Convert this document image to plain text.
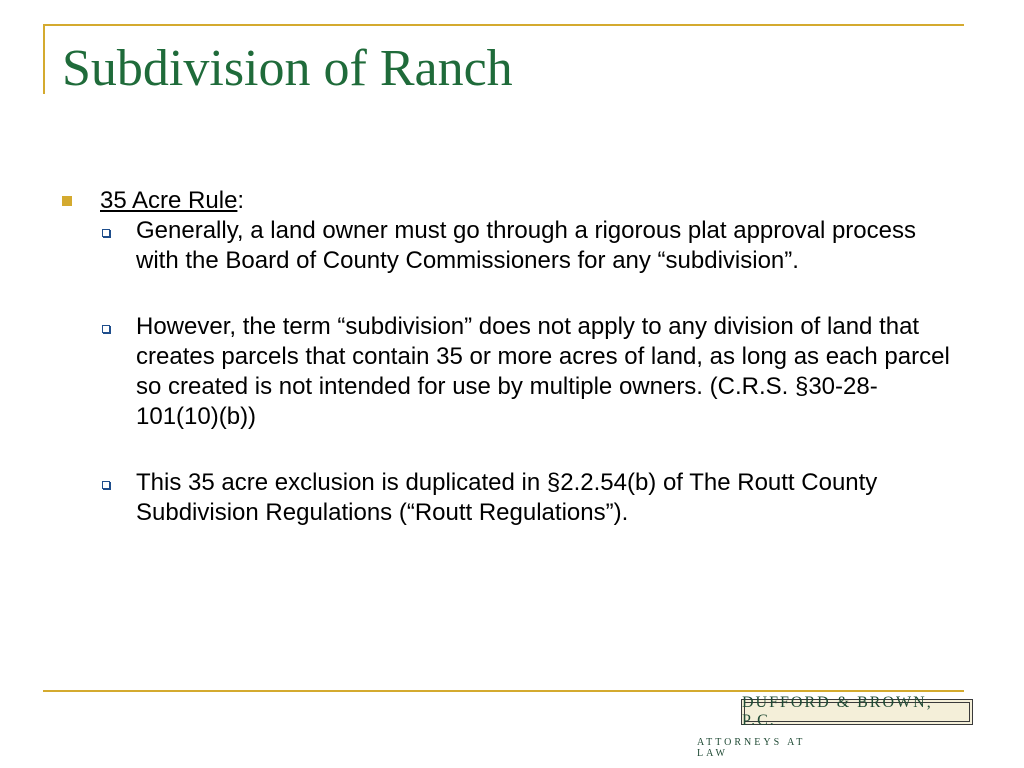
Subdivision of Ranch
35 Acre Rule:
Generally, a land owner must go through a rigorous plat approval process with the Board of County Commissioners for any “subdivision”.
However, the term “subdivision” does not apply to any division of land that creates parcels that contain 35 or more acres of land, as long as each parcel so created is not intended for use by multiple owners. (C.R.S. §30-28-101(10)(b))
This 35 acre exclusion is duplicated in §2.2.54(b) of The Routt County Subdivision Regulations (“Routt Regulations”).
DUFFORD & BROWN, P.C.
ATTORNEYS AT LAW
